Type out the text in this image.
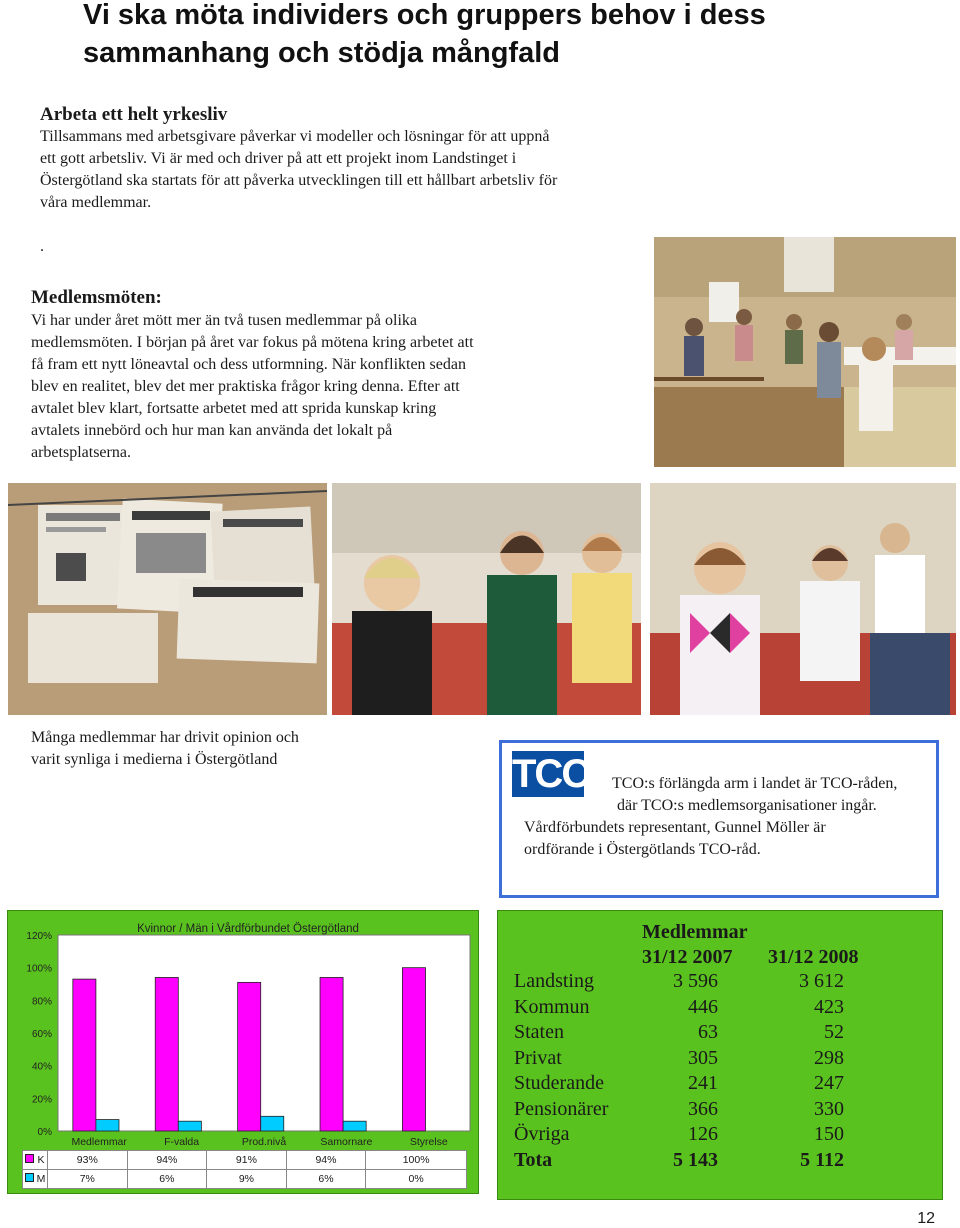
Vi ska möta individers och gruppers behov i dess
sammanhang och stödja mångfald
Arbeta ett helt yrkesliv
Tillsammans med arbetsgivare påverkar vi modeller och lösningar för att uppnå
ett gott arbetsliv. Vi är med och driver på att ett projekt inom Landstinget i
Östergötland ska startats för att påverka utvecklingen till ett hållbart arbetsliv för
våra medlemmar.
.
Medlemsmöten:
Vi har under året mött mer än två tusen medlemmar på olika
medlemsmöten. I början på året var fokus på mötena kring arbetet att
få fram ett nytt löneavtal och dess utformning. När konflikten sedan
blev en realitet, blev det mer praktiska frågor kring denna. Efter att
avtalet blev klart, fortsatte arbetet med att sprida kunskap kring
avtalets innebörd och hur man kan använda det lokalt på
arbetsplatserna.
Många medlemmar har drivit opinion och
varit synliga i medierna i Östergötland	TCO TCO:s förlängda arm i landet är TCO-råden,
där TCO:s medlemsorganisationer ingår.
Vårdförbundets representant, Gunnel Möller är
ordförande i Östergötlands TCO-råd.
0%
20%
40%
60%
80%
100%
120%
Kvinnor / Män i Vårdförbundet Östergötland
Medlemmar	F-valda	Prod.nivå	Samornare	Styrelse
K	93%	94%	91%	94%	100%
M	7%	6%	9%	6%	0%
Medlemmar
31/12 2007 31/12 2008
Landsting	3 596	3 612
Kommun	446	423
Staten	63	52
Privat	305	298
Studerande	241	247
Pensionärer	366	330
Övriga	126	150
Tota	5 143	5 112
12
